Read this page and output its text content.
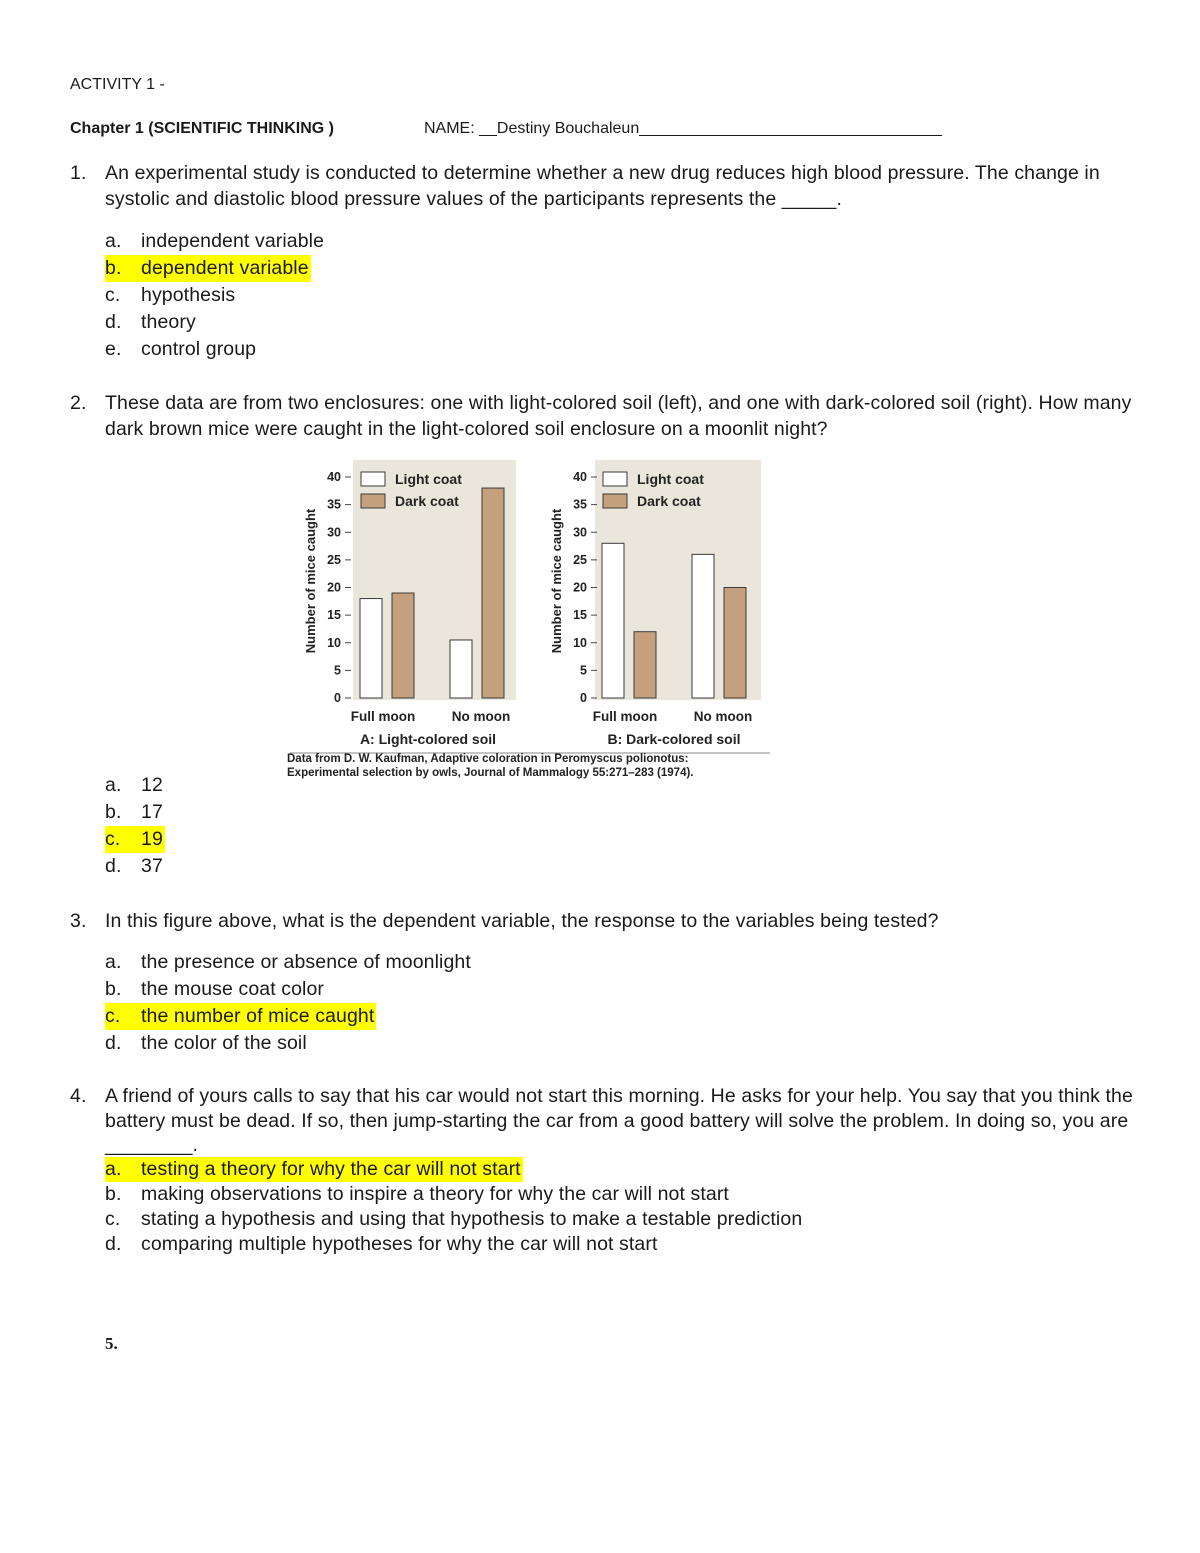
ACTIVITY 1 -
Chapter 1 (SCIENTIFIC THINKING )	NAME: __Destiny Bouchaleun__________________________________
1. An experimental study is conducted to determine whether a new drug reduces high blood pressure. The change in systolic and diastolic blood pressure values of the participants represents the _____.
a. independent variable
b. dependent variable
c. hypothesis
d. theory
e. control group
2. These data are from two enclosures: one with light-colored soil (left), and one with dark-colored soil (right). How many dark brown mice were caught in the light-colored soil enclosure on a moonlit night?
Number of mice caught
0
5
10
15
20
25
30
35
40
Full moon	No moon
Light coat
Dark coat
A: Light-colored soil
Number of mice caught
0
5
10
15
20
25
30
35
40
Full moon	No moon
Light coat
Dark coat
B: Dark-colored soil
Data from D. W. Kaufman, Adaptive coloration in Peromyscus polionotus:
Experimental selection by owls, Journal of Mammalogy 55:271–283 (1974).
a. 12
b. 17
c. 19
d. 37
3. In this figure above, what is the dependent variable, the response to the variables being tested?
a. the presence or absence of moonlight
b. the mouse coat color
c. the number of mice caught
d. the color of the soil
4. A friend of yours calls to say that his car would not start this morning. He asks for your help. You say that you think the battery must be dead. If so, then jump-starting the car from a good battery will solve the problem. In doing so, you are ________.
a. testing a theory for why the car will not start
b. making observations to inspire a theory for why the car will not start
c. stating a hypothesis and using that hypothesis to make a testable prediction
d. comparing multiple hypotheses for why the car will not start
5.
